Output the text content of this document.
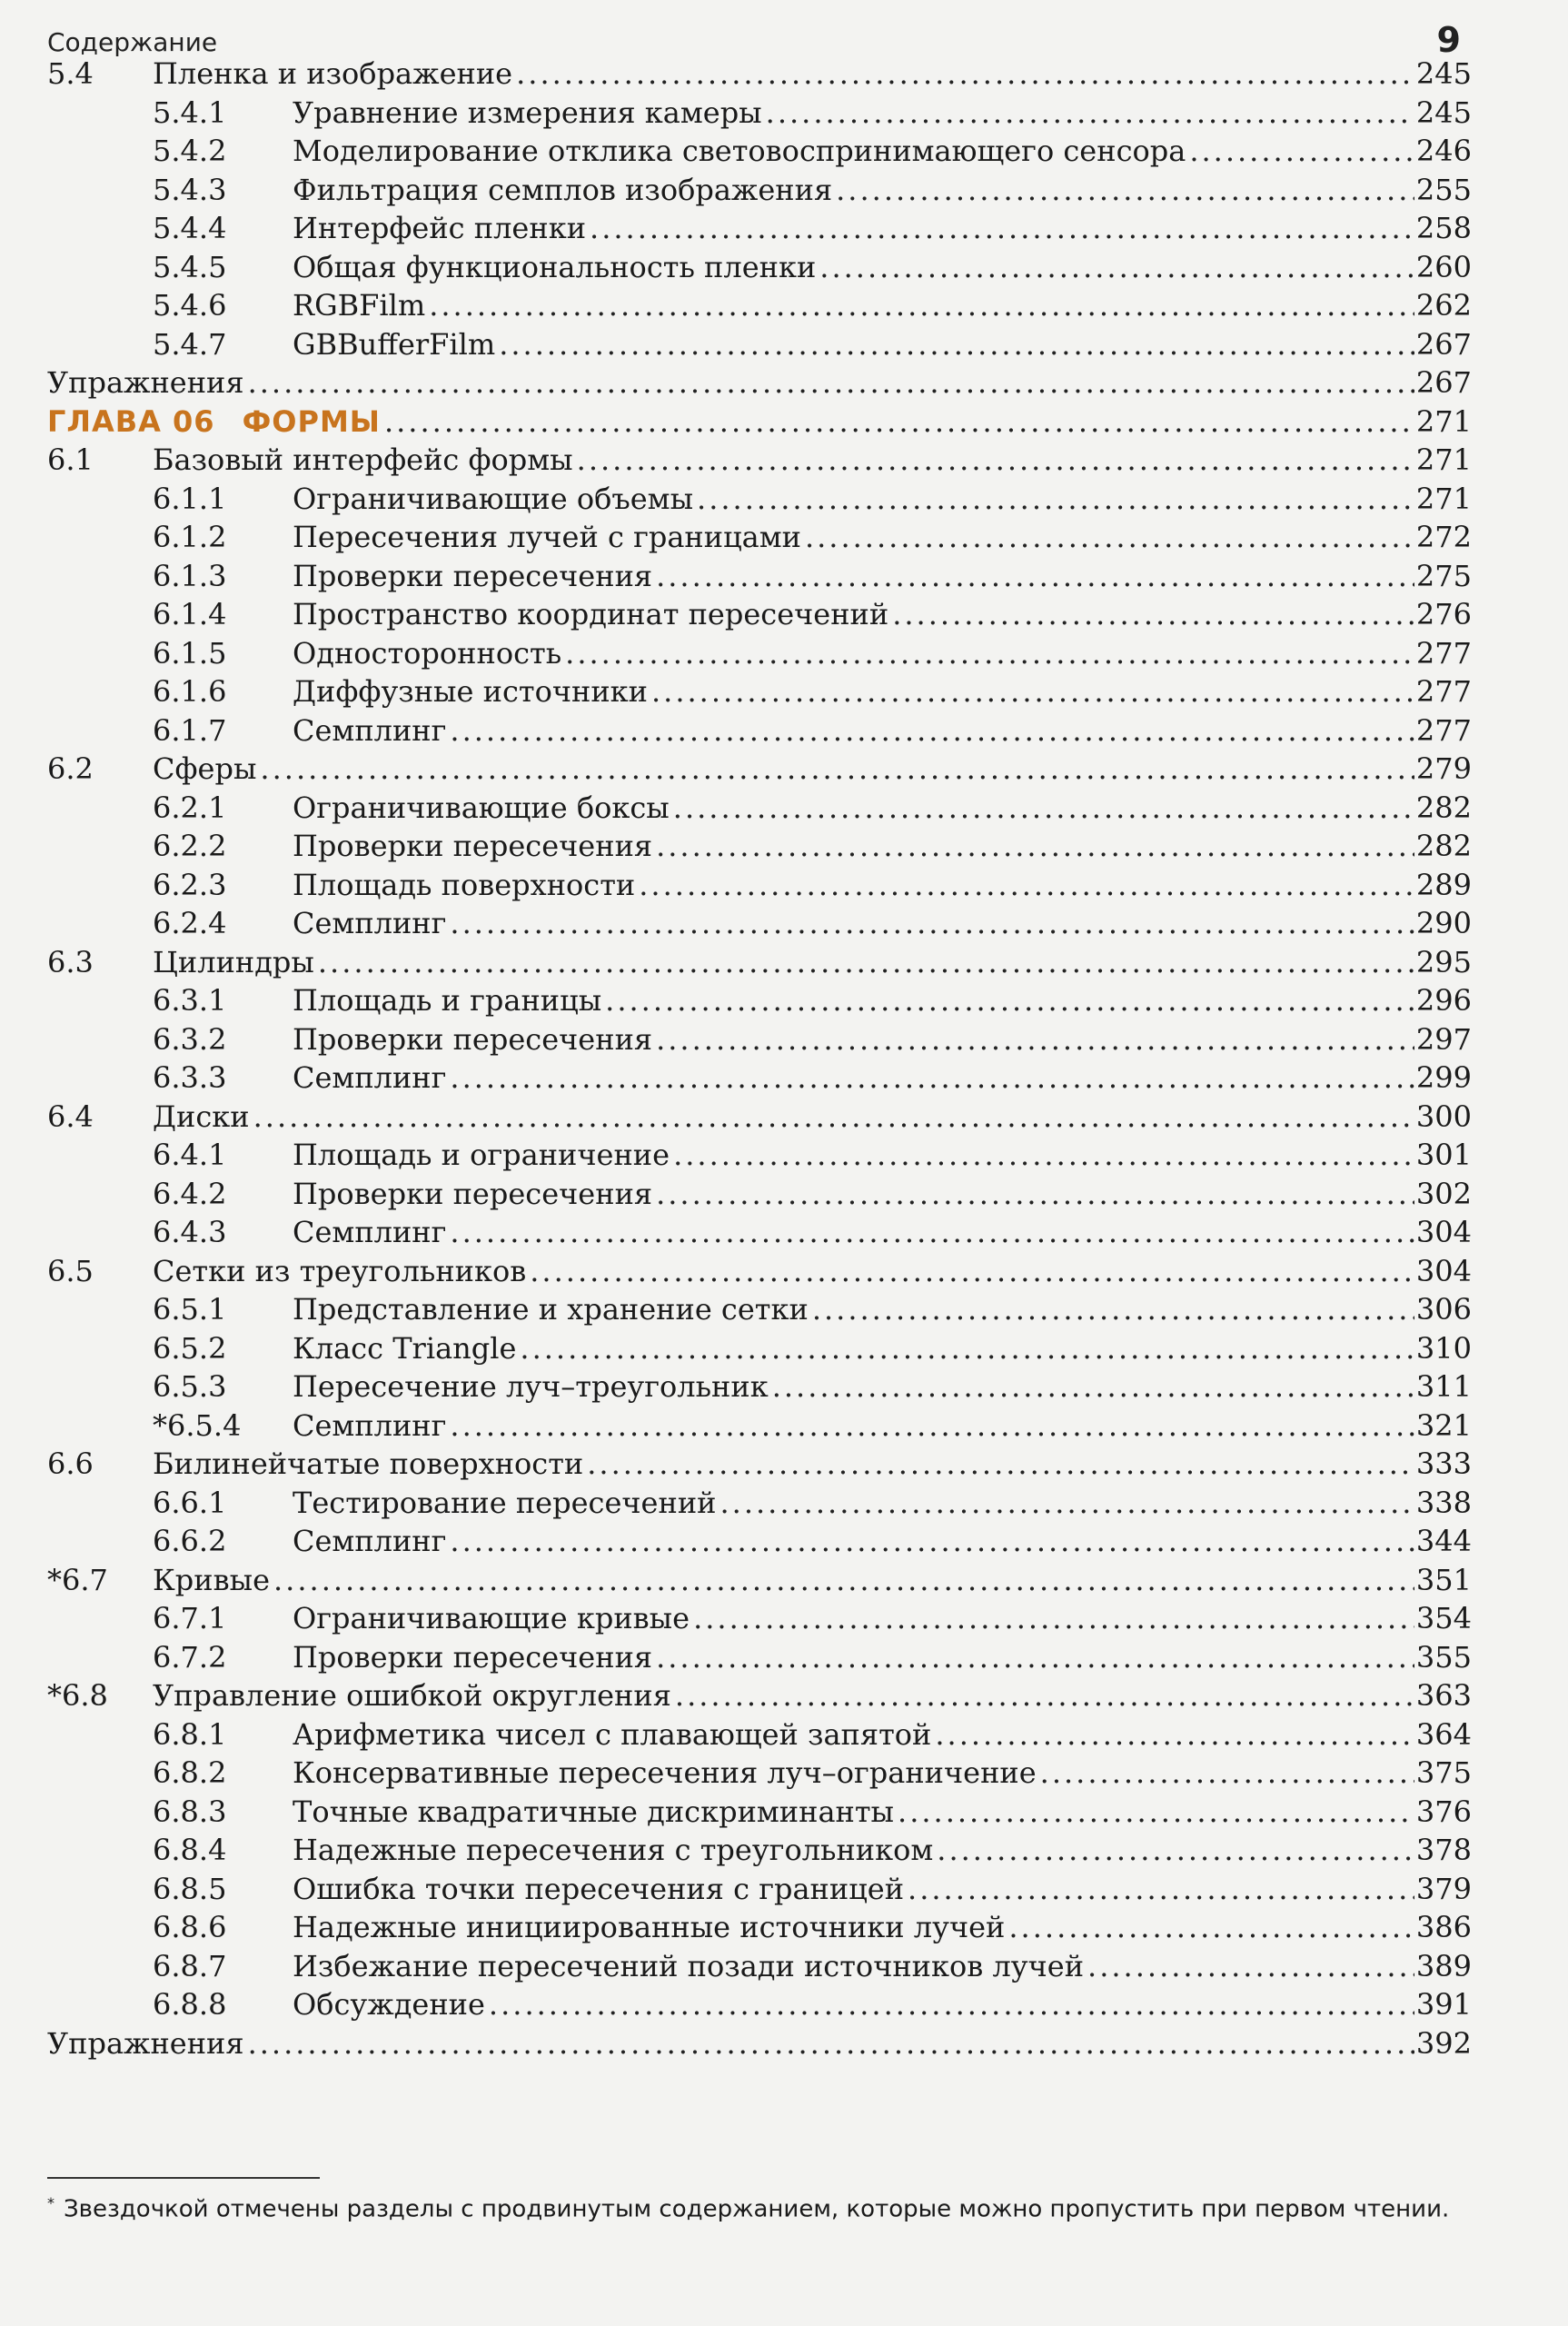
Содержание	9
5.4 Пленка и изображение .....	245
5.4.1 Уравнение измерения камеры .....	245
5.4.2 Моделирование отклика световоспринимающего сенсора .....	246
5.4.3 Фильтрация семплов изображения .....	255
5.4.4 Интерфейс пленки .....	258
5.4.5 Общая функциональность пленки .....	260
5.4.6 RGBFilm .....	262
5.4.7 GBBufferFilm .....	267
Упражнения .....	267
ГЛАВА 06 ФОРМЫ .....	271
6.1 Базовый интерфейс формы .....	271
6.1.1 Ограничивающие объемы .....	271
6.1.2 Пересечения лучей с границами .....	272
6.1.3 Проверки пересечения .....	275
6.1.4 Пространство координат пересечений .....	276
6.1.5 Односторонность .....	277
6.1.6 Диффузные источники .....	277
6.1.7 Семплинг .....	277
6.2 Сферы .....	279
6.2.1 Ограничивающие боксы .....	282
6.2.2 Проверки пересечения .....	282
6.2.3 Площадь поверхности .....	289
6.2.4 Семплинг .....	290
6.3 Цилиндры .....	295
6.3.1 Площадь и границы .....	296
6.3.2 Проверки пересечения .....	297
6.3.3 Семплинг .....	299
6.4 Диски .....	300
6.4.1 Площадь и ограничение .....	301
6.4.2 Проверки пересечения .....	302
6.4.3 Семплинг .....	304
6.5 Сетки из треугольников .....	304
6.5.1 Представление и хранение сетки .....	306
6.5.2 Класс Triangle .....	310
6.5.3 Пересечение луч–треугольник .....	311
*6.5.4 Семплинг .....	321
6.6 Билинейчатые поверхности .....	333
6.6.1 Тестирование пересечений .....	338
6.6.2 Семплинг .....	344
*6.7 Кривые .....	351
6.7.1 Ограничивающие кривые .....	354
6.7.2 Проверки пересечения .....	355
*6.8 Управление ошибкой округления .....	363
6.8.1 Арифметика чисел с плавающей запятой .....	364
6.8.2 Консервативные пересечения луч–ограничение .....	375
6.8.3 Точные квадратичные дискриминанты .....	376
6.8.4 Надежные пересечения с треугольником .....	378
6.8.5 Ошибка точки пересечения с границей .....	379
6.8.6 Надежные инициированные источники лучей .....	386
6.8.7 Избежание пересечений позади источников лучей .....	389
6.8.8 Обсуждение .....	391
Упражнения .....	392
* Звездочкой отмечены разделы с продвинутым содержанием, которые можно пропустить при первом чтении.
